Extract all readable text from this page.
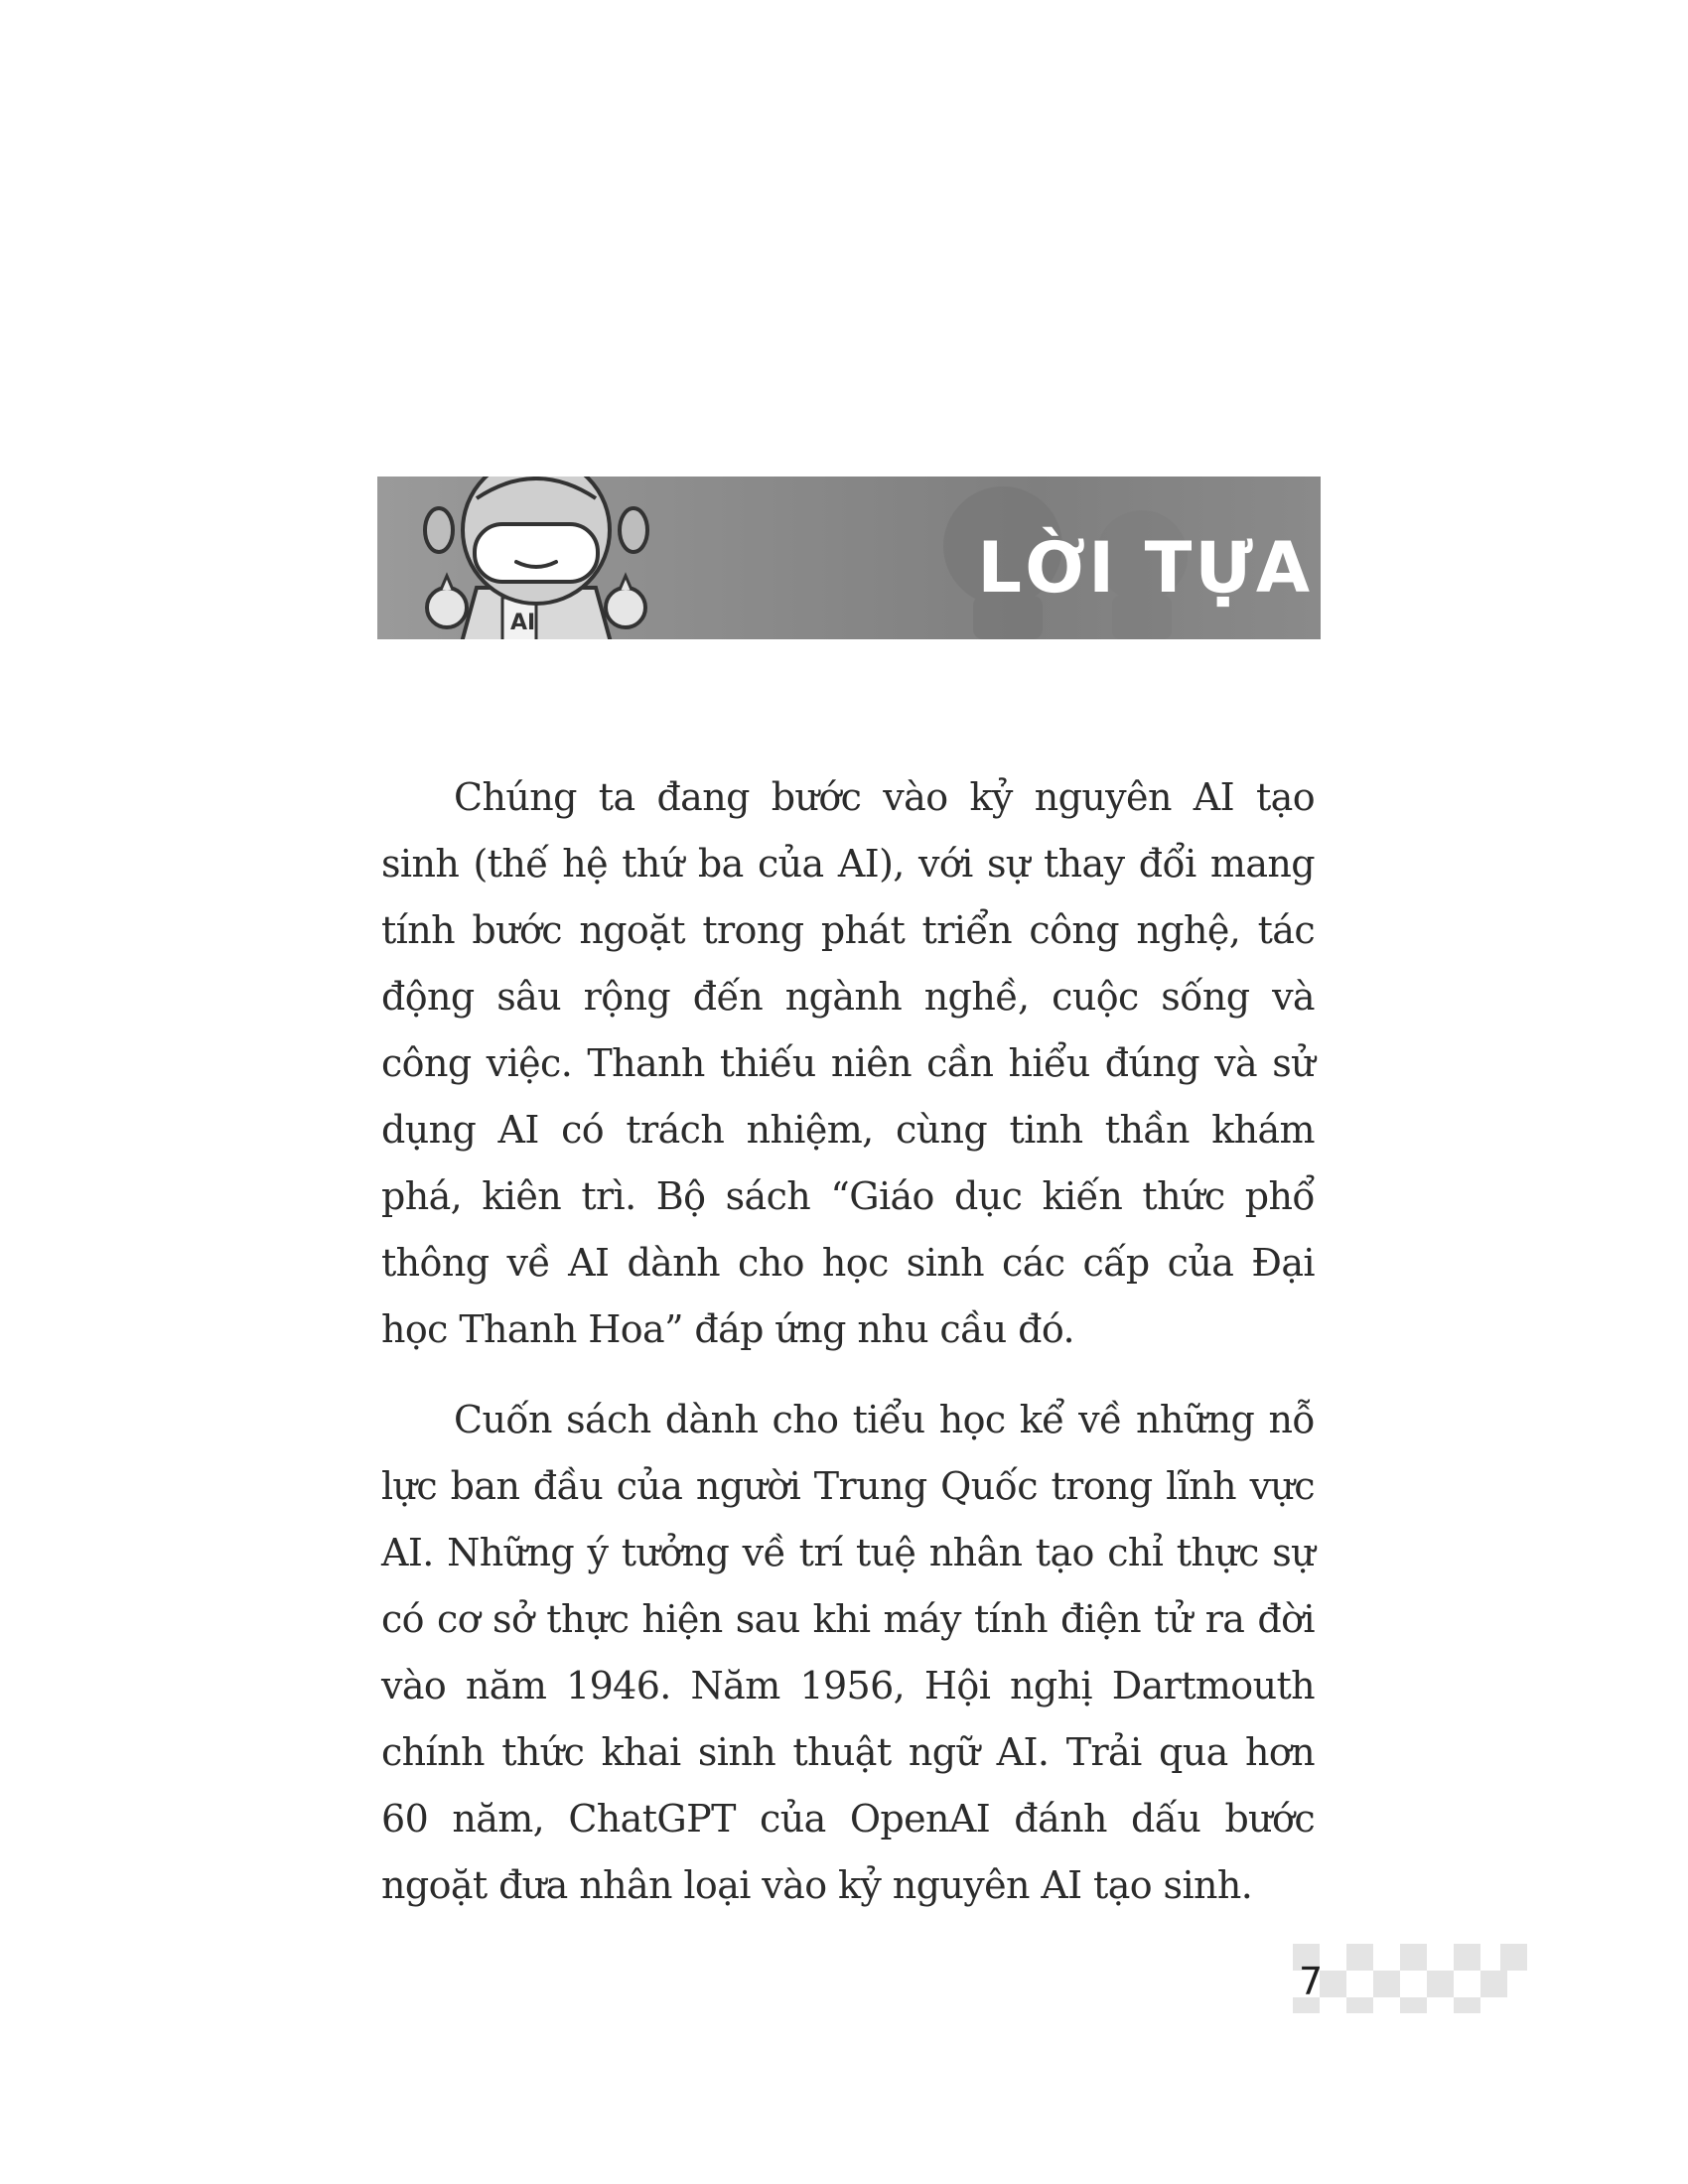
AI
LỜI TỰA

Chúng ta đang bước vào kỷ nguyên AI tạo sinh (thế hệ thứ ba của AI), với sự thay đổi mang tính bước ngoặt trong phát triển công nghệ, tác động sâu rộng đến ngành nghề, cuộc sống và công việc. Thanh thiếu niên cần hiểu đúng và sử dụng AI có trách nhiệm, cùng tinh thần khám phá, kiên trì. Bộ sách “Giáo dục kiến thức phổ thông về AI dành cho học sinh các cấp của Đại học Thanh Hoa” đáp ứng nhu cầu đó.

Cuốn sách dành cho tiểu học kể về những nỗ lực ban đầu của người Trung Quốc trong lĩnh vực AI. Những ý tưởng về trí tuệ nhân tạo chỉ thực sự có cơ sở thực hiện sau khi máy tính điện tử ra đời vào năm 1946. Năm 1956, Hội nghị Dartmouth chính thức khai sinh thuật ngữ AI. Trải qua hơn 60 năm, ChatGPT của OpenAI đánh dấu bước ngoặt đưa nhân loại vào kỷ nguyên AI tạo sinh.

7
